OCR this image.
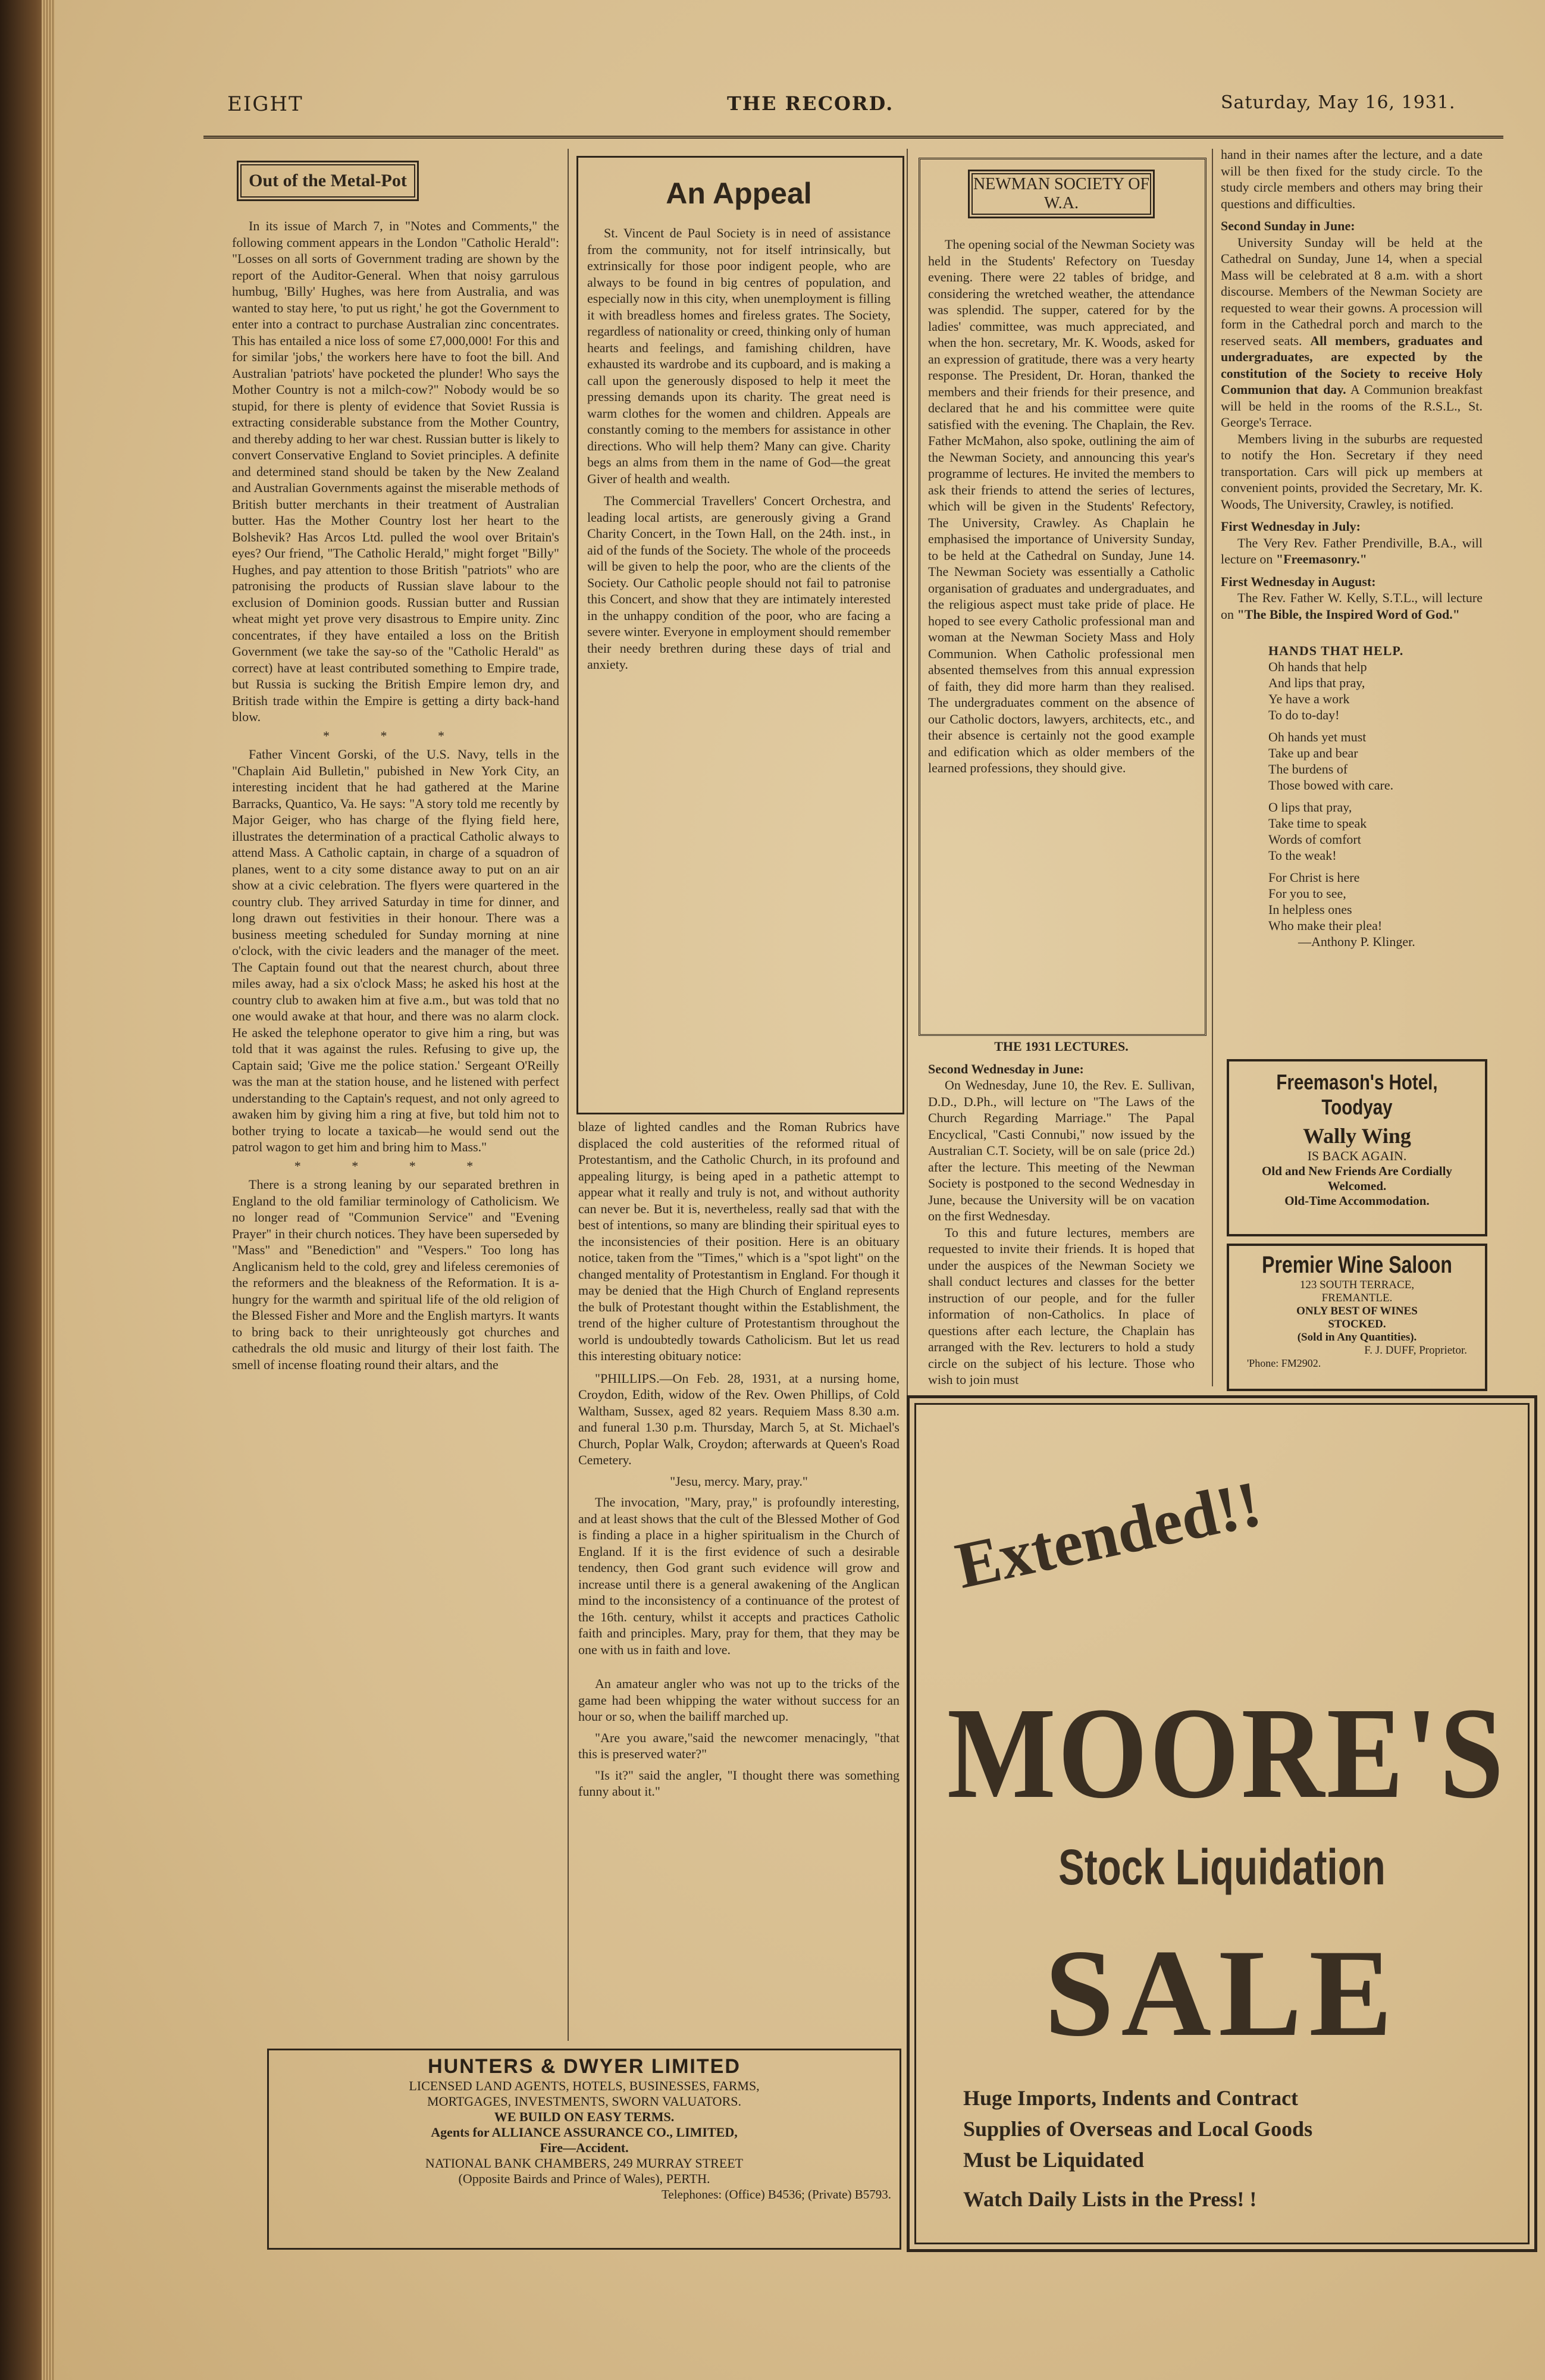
EIGHT	THE RECORD.	Saturday, May 16, 1931.
Out of the Metal-Pot

In its issue of March 7, in "Notes and Comments," the following comment appears in the London "Catholic Herald": "Losses on all sorts of Government trading are shown by the report of the Auditor-General. When that noisy garrulous humbug, 'Billy' Hughes, was here from Australia, and was wanted to stay here, 'to put us right,' he got the Government to enter into a contract to purchase Australian zinc concentrates. This has entailed a nice loss of some £7,000,000! For this and for similar 'jobs,' the workers here have to foot the bill. And Australian 'patriots' have pocketed the plunder! Who says the Mother Country is not a milch-cow?" Nobody would be so stupid, for there is plenty of evidence that Soviet Russia is extracting considerable substance from the Mother Country, and thereby adding to her war chest. Russian butter is likely to convert Conservative England to Soviet principles. A definite and determined stand should be taken by the New Zealand and Australian Governments against the miserable methods of British butter merchants in their treatment of Australian butter. Has the Mother Country lost her heart to the Bolshevik? Has Arcos Ltd. pulled the wool over Britain's eyes? Our friend, "The Catholic Herald," might forget "Billy" Hughes, and pay attention to those British "patriots" who are patronising the products of Russian slave labour to the exclusion of Dominion goods. Russian butter and Russian wheat might yet prove very disastrous to Empire unity. Zinc concentrates, if they have entailed a loss on the British Government (we take the say-so of the "Catholic Herald" as correct) have at least contributed something to Empire trade, but Russia is sucking the British Empire lemon dry, and British trade within the Empire is getting a dirty back-hand blow.

* * *

Father Vincent Gorski, of the U.S. Navy, tells in the "Chaplain Aid Bulletin," pubished in New York City, an interesting incident that he had gathered at the Marine Barracks, Quantico, Va. He says: "A story told me recently by Major Geiger, who has charge of the flying field here, illustrates the determination of a practical Catholic always to attend Mass. A Catholic captain, in charge of a squadron of planes, went to a city some distance away to put on an air show at a civic celebration. The flyers were quartered in the country club. They arrived Saturday in time for dinner, and long drawn out festivities in their honour. There was a business meeting scheduled for Sunday morning at nine o'clock, with the civic leaders and the manager of the meet. The Captain found out that the nearest church, about three miles away, had a six o'clock Mass; he asked his host at the country club to awaken him at five a.m., but was told that no one would awake at that hour, and there was no alarm clock. He asked the telephone operator to give him a ring, but was told that it was against the rules. Refusing to give up, the Captain said; 'Give me the police station.' Sergeant O'Reilly was the man at the station house, and he listened with perfect understanding to the Captain's request, and not only agreed to awaken him by giving him a ring at five, but told him not to bother trying to locate a taxicab—he would send out the patrol wagon to get him and bring him to Mass."

* * * *

There is a strong leaning by our separated brethren in England to the old familiar terminology of Catholicism. We no longer read of "Communion Service" and "Evening Prayer" in their church notices. They have been superseded by "Mass" and "Benediction" and "Vespers." Too long has Anglicanism held to the cold, grey and lifeless ceremonies of the reformers and the bleakness of the Reformation. It is a-hungry for the warmth and spiritual life of the old religion of the Blessed Fisher and More and the English martyrs. It wants to bring back to their unrighteously got churches and cathedrals the old music and liturgy of their lost faith. The smell of incense floating round their altars, and the

An Appeal

St. Vincent de Paul Society is in need of assistance from the community, not for itself intrinsically, but extrinsically for those poor indigent people, who are always to be found in big centres of population, and especially now in this city, when unemployment is filling it with breadless homes and fireless grates. The Society, regardless of nationality or creed, thinking only of human hearts and feelings, and famishing children, have exhausted its wardrobe and its cupboard, and is making a call upon the generously disposed to help it meet the pressing demands upon its charity. The great need is warm clothes for the women and children. Appeals are constantly coming to the members for assistance in other directions. Who will help them? Many can give. Charity begs an alms from them in the name of God—the great Giver of health and wealth.

The Commercial Travellers' Concert Orchestra, and leading local artists, are generously giving a Grand Charity Concert, in the Town Hall, on the 24th. inst., in aid of the funds of the Society. The whole of the proceeds will be given to help the poor, who are the clients of the Society. Our Catholic people should not fail to patronise this Concert, and show that they are intimately interested in the unhappy condition of the poor, who are facing a severe winter. Everyone in employment should remember their needy brethren during these days of trial and anxiety.

blaze of lighted candles and the Roman Rubrics have displaced the cold austerities of the reformed ritual of Protestantism, and the Catholic Church, in its profound and appealing liturgy, is being aped in a pathetic attempt to appear what it really and truly is not, and without authority can never be. But it is, nevertheless, really sad that with the best of intentions, so many are blinding their spiritual eyes to the inconsistencies of their position. Here is an obituary notice, taken from the "Times," which is a "spot light" on the changed mentality of Protestantism in England. For though it may be denied that the High Church of England represents the bulk of Protestant thought within the Establishment, the trend of the higher culture of Protestantism throughout the world is undoubtedly towards Catholicism. But let us read this interesting obituary notice:

"PHILLIPS.—On Feb. 28, 1931, at a nursing home, Croydon, Edith, widow of the Rev. Owen Phillips, of Cold Waltham, Sussex, aged 82 years. Requiem Mass 8.30 a.m. and funeral 1.30 p.m. Thursday, March 5, at St. Michael's Church, Poplar Walk, Croydon; afterwards at Queen's Road Cemetery.

"Jesu, mercy. Mary, pray."

The invocation, "Mary, pray," is profoundly interesting, and at least shows that the cult of the Blessed Mother of God is finding a place in a higher spiritualism in the Church of England. If it is the first evidence of such a desirable tendency, then God grant such evidence will grow and increase until there is a general awakening of the Anglican mind to the inconsistency of a continuance of the protest of the 16th. century, whilst it accepts and practices Catholic faith and principles. Mary, pray for them, that they may be one with us in faith and love.

An amateur angler who was not up to the tricks of the game had been whipping the water without success for an hour or so, when the bailiff marched up.

"Are you aware,"said the newcomer menacingly, "that this is preserved water?"

"Is it?" said the angler, "I thought there was something funny about it."

NEWMAN SOCIETY OF W.A.

The opening social of the Newman Society was held in the Students' Refectory on Tuesday evening. There were 22 tables of bridge, and considering the wretched weather, the attendance was splendid. The supper, catered for by the ladies' committee, was much appreciated, and when the hon. secretary, Mr. K. Woods, asked for an expression of gratitude, there was a very hearty response. The President, Dr. Horan, thanked the members and their friends for their presence, and declared that he and his committee were quite satisfied with the evening. The Chaplain, the Rev. Father McMahon, also spoke, outlining the aim of the Newman Society, and announcing this year's programme of lectures. He invited the members to ask their friends to attend the series of lectures, which will be given in the Students' Refectory, The University, Crawley. As Chaplain he emphasised the importance of University Sunday, to be held at the Cathedral on Sunday, June 14. The Newman Society was essentially a Catholic organisation of graduates and undergraduates, and the religious aspect must take pride of place. He hoped to see every Catholic professional man and woman at the Newman Society Mass and Holy Communion. When Catholic professional men absented themselves from this annual expression of faith, they did more harm than they realised. The undergraduates comment on the absence of our Catholic doctors, lawyers, architects, etc., and their absence is certainly not the good example and edification which as older members of the learned professions, they should give.

THE 1931 LECTURES.

Second Wednesday in June:

On Wednesday, June 10, the Rev. E. Sullivan, D.D., D.Ph., will lecture on "The Laws of the Church Regarding Marriage." The Papal Encyclical, "Casti Connubi," now issued by the Australian C.T. Society, will be on sale (price 2d.) after the lecture. This meeting of the Newman Society is postponed to the second Wednesday in June, because the University will be on vacation on the first Wednesday.

To this and future lectures, members are requested to invite their friends. It is hoped that under the auspices of the Newman Society we shall conduct lectures and classes for the better instruction of our people, and for the fuller information of non-Catholics. In place of questions after each lecture, the Chaplain has arranged with the Rev. lecturers to hold a study circle on the subject of his lecture. Those who wish to join must

hand in their names after the lecture, and a date will be then fixed for the study circle. To the study circle members and others may bring their questions and difficulties.

Second Sunday in June:

University Sunday will be held at the Cathedral on Sunday, June 14, when a special Mass will be celebrated at 8 a.m. with a short discourse. Members of the Newman Society are requested to wear their gowns. A procession will form in the Cathedral porch and march to the reserved seats. All members, graduates and undergraduates, are expected by the constitution of the Society to receive Holy Communion that day. A Communion breakfast will be held in the rooms of the R.S.L., St. George's Terrace.

Members living in the suburbs are requested to notify the Hon. Secretary if they need transportation. Cars will pick up members at convenient points, provided the Secretary, Mr. K. Woods, The University, Crawley, is notified.

First Wednesday in July:

The Very Rev. Father Prendiville, B.A., will lecture on "Freemasonry."

First Wednesday in August:

The Rev. Father W. Kelly, S.T.L., will lecture on "The Bible, the Inspired Word of God."

HANDS THAT HELP.
Oh hands that help
And lips that pray,
Ye have a work
To do to-day!
Oh hands yet must
Take up and bear
The burdens of
Those bowed with care.
O lips that pray,
Take time to speak
Words of comfort
To the weak!
For Christ is here
For you to see,
In helpless ones
Who make their plea!
—Anthony P. Klinger.
Freemason's Hotel, Toodyay
Wally Wing
IS BACK AGAIN.
Old and New Friends Are Cordially
Welcomed.
Old-Time Accommodation.
Premier Wine Saloon
123 SOUTH TERRACE,
FREMANTLE.
ONLY BEST OF WINES
STOCKED.
(Sold in Any Quantities).
F. J. DUFF, Proprietor.
'Phone: FM2902.
Extended!!
MOORE'S
Stock Liquidation
SALE
Huge Imports, Indents and Contract
Supplies of Overseas and Local Goods
Must be Liquidated
Watch Daily Lists in the Press! !
HUNTERS & DWYER LIMITED
LICENSED LAND AGENTS, HOTELS, BUSINESSES, FARMS,
MORTGAGES, INVESTMENTS, SWORN VALUATORS.
WE BUILD ON EASY TERMS.
Agents for ALLIANCE ASSURANCE CO., LIMITED,
Fire—Accident.
NATIONAL BANK CHAMBERS, 249 MURRAY STREET
(Opposite Bairds and Prince of Wales), PERTH.
Telephones: (Office) B4536; (Private) B5793.
